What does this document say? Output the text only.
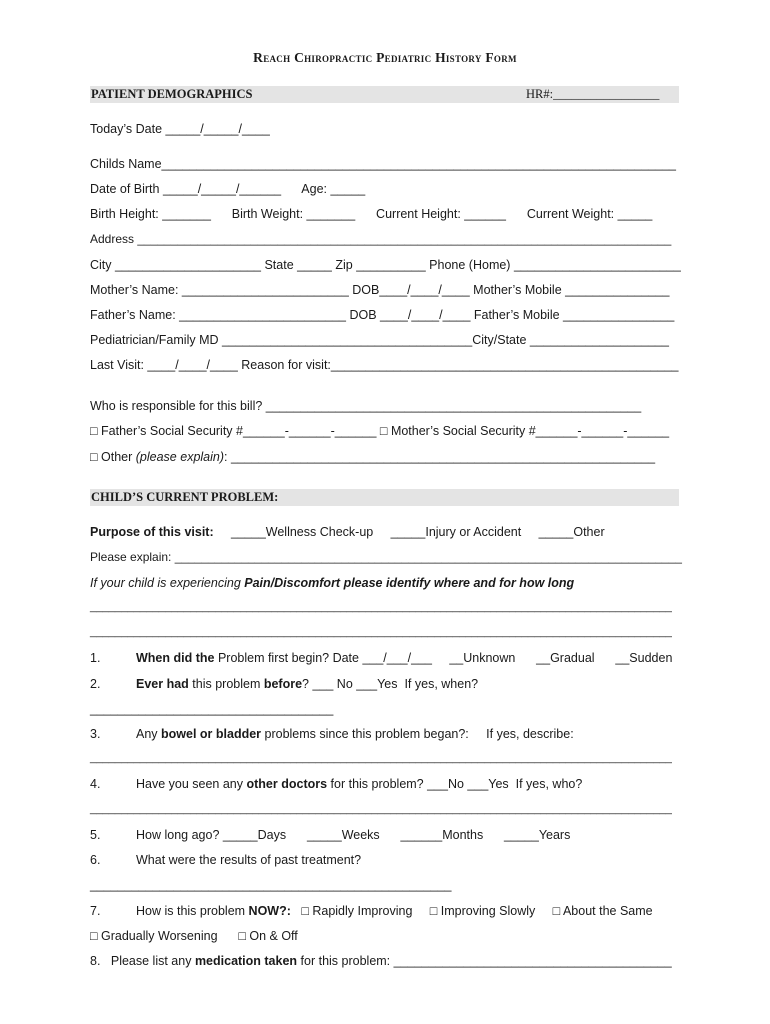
Reach Chiropractic Pediatric History Form
PATIENT DEMOGRAPHICS	HR#:_________________
Today’s Date _____/_____/____
Childs Name__________________________________________________________________________
Date of Birth _____/_____/______      Age: _____
Birth Height: _______      Birth Weight: _______      Current Height: ______      Current Weight: _____
Address ________________________________________________________________________________
City _____________________ State _____ Zip __________ Phone (Home) ________________________
Mother’s Name: ________________________ DOB____/____/____ Mother’s Mobile _______________
Father’s Name: ________________________ DOB ____/____/____ Father’s Mobile ________________
Pediatrician/Family MD ____________________________________City/State ____________________
Last Visit: ____/____/____ Reason for visit:__________________________________________________
Who is responsible for this bill? ______________________________________________________
□ Father’s Social Security #______-______-______ □ Mother’s Social Security #______-______-______
□ Other (please explain): _____________________________________________________________
CHILD’S CURRENT PROBLEM:
Purpose of this visit:     _____Wellness Check-up     _____Injury or Accident     _____Other
Please explain: ____________________________________________________________________________
If your child is experiencing Pain/Discomfort please identify where and for how long
_____________________________________________________________________________________________
_____________________________________________________________________________________________
1.	When did the Problem first begin? Date ___/___/___     __Unknown      __Gradual      __Sudden
2.	Ever had this problem before? ___ No ___Yes  If yes, when?
___________________________________
3.	Any bowel or bladder problems since this problem began?:     If yes, describe:
_____________________________________________________________________________________________
4.	Have you seen any other doctors for this problem? ___No ___Yes  If yes, who?
_____________________________________________________________________________________________
5.	How long ago? _____Days      _____Weeks      ______Months      _____Years
6.	What were the results of past treatment?
____________________________________________________
7.	How is this problem NOW?:   □ Rapidly Improving     □ Improving Slowly     □ About the Same
□ Gradually Worsening      □ On & Off
8. Please list any medication taken for this problem: ________________________________________
